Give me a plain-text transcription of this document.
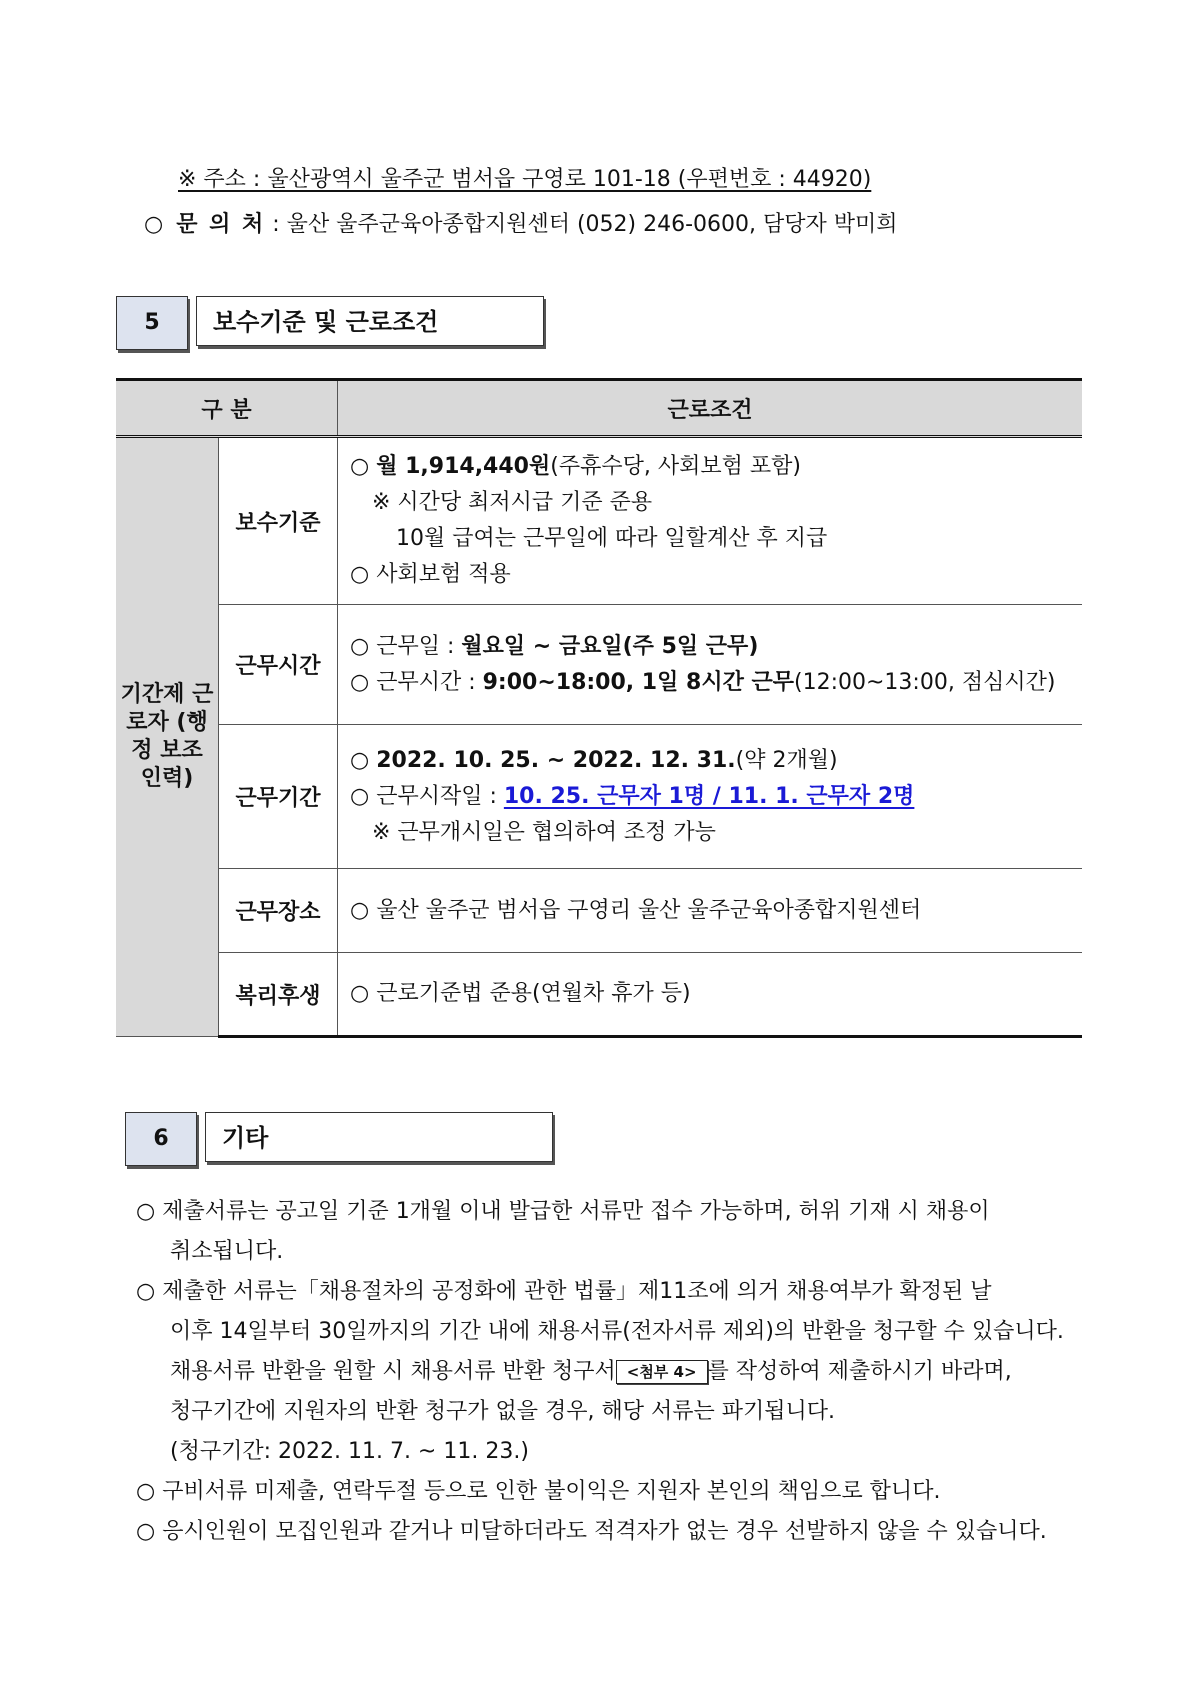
※ 주소 : 울산광역시 울주군 범서읍 구영로 101-18 (우편번호 : 44920)
○ 문 의 처 : 울산 울주군육아종합지원센터 (052) 246-0600, 담당자 박미희
5	보수기준 및 근로조건
구 분		근로조건
기간제 근로자 (행정 보조 인력)	보수기준	○ 월 1,914,440원(주휴수당, 사회보험 포함)
※ 시간당 최저시급 기준 준용
10월 급여는 근무일에 따라 일할계산 후 지급
○ 사회보험 적용

	근무시간	○ 근무일 : 월요일 ~ 금요일(주 5일 근무)
○ 근무시간 : 9:00~18:00, 1일 8시간 근무(12:00~13:00, 점심시간)

	근무기간	○ 2022. 10. 25. ~ 2022. 12. 31.(약 2개월)
○ 근무시작일 : 10. 25. 근무자 1명 / 11. 1. 근무자 2명
※ 근무개시일은 협의하여 조정 가능

	근무장소	○ 울산 울주군 범서읍 구영리 울산 울주군육아종합지원센터
	복리후생	○ 근로기준법 준용(연월차 휴가 등)
6	기타
○ 제출서류는 공고일 기준 1개월 이내 발급한 서류만 접수 가능하며, 허위 기재 시 채용이
취소됩니다.
○ 제출한 서류는「채용절차의 공정화에 관한 법률」제11조에 의거 채용여부가 확정된 날
이후 14일부터 30일까지의 기간 내에 채용서류(전자서류 제외)의 반환을 청구할 수 있습니다.
채용서류 반환을 원할 시 채용서류 반환 청구서 <첨부 4> 를 작성하여 제출하시기 바라며,
청구기간에 지원자의 반환 청구가 없을 경우, 해당 서류는 파기됩니다.
(청구기간: 2022. 11. 7. ~ 11. 23.)
○ 구비서류 미제출, 연락두절 등으로 인한 불이익은 지원자 본인의 책임으로 합니다.
○ 응시인원이 모집인원과 같거나 미달하더라도 적격자가 없는 경우 선발하지 않을 수 있습니다.
